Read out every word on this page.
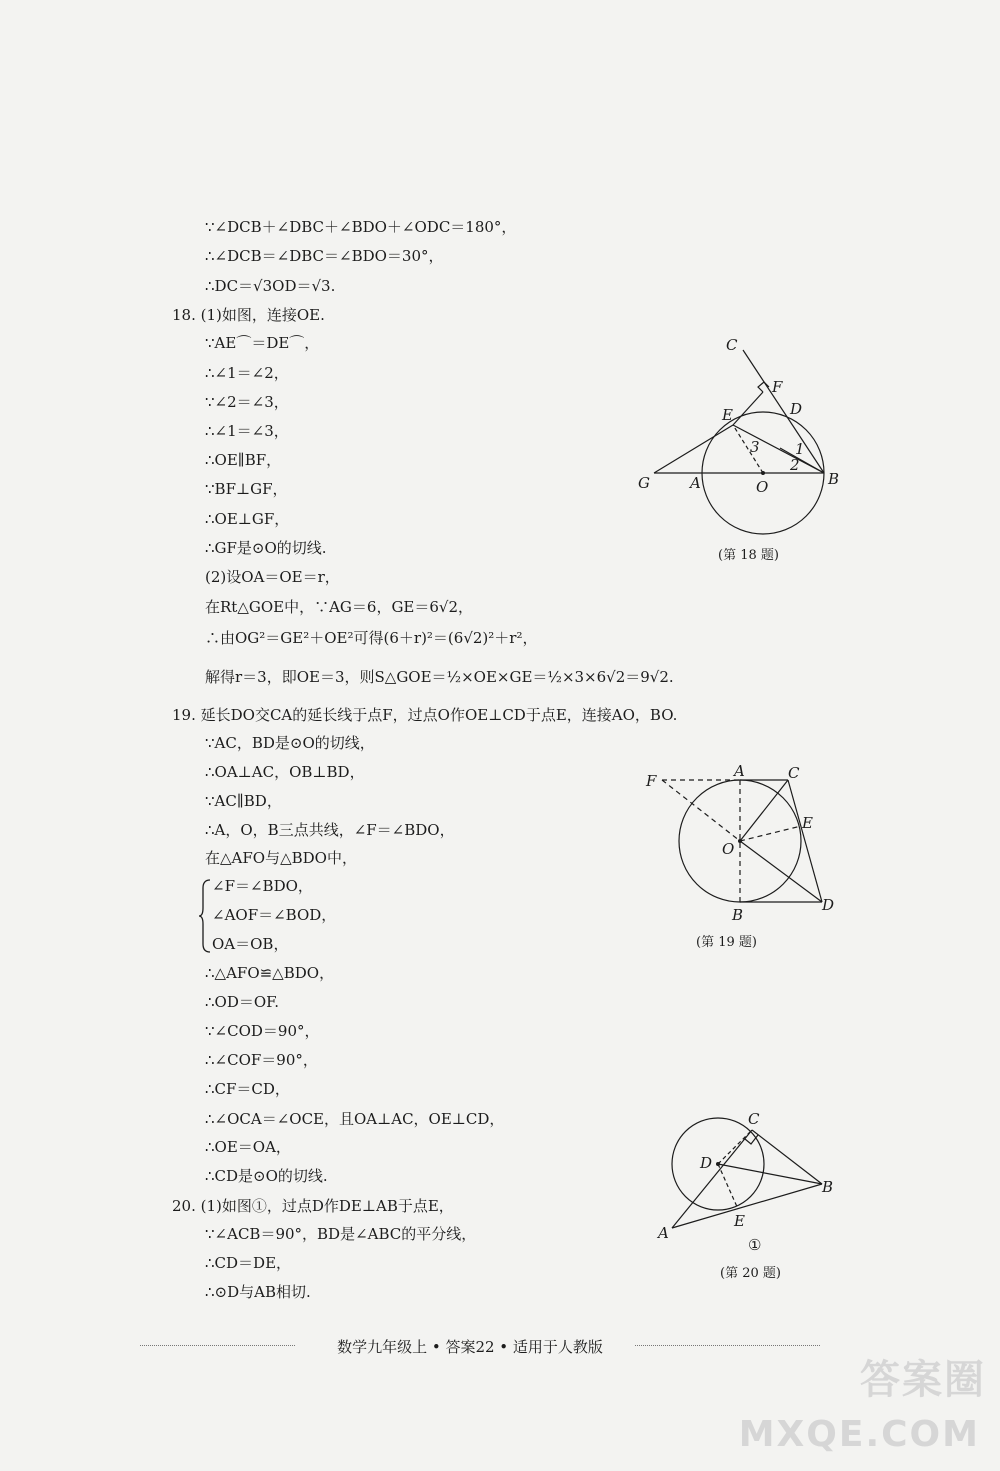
∵∠DCB＋∠DBC＋∠BDO＋∠ODC＝180°，
∴∠DCB＝∠DBC＝∠BDO＝30°，
∴DC＝√3OD＝√3.
18. (1)如图，连接OE.
∵AE⌒＝DE⌒，
∴∠1＝∠2，
∵∠2＝∠3，
∴∠1＝∠3，
∴OE∥BF，
∵BF⊥GF，
∴OE⊥GF，
∴GF是⊙O的切线.
(2)设OA＝OE＝r，
在Rt△GOE中，∵AG＝6，GE＝6√2，
∴由OG²＝GE²＋OE²可得(6＋r)²＝(6√2)²＋r²，
解得r＝3，即OE＝3，则S△GOE＝½×OE×GE＝½×3×6√2＝9√2.
19. 延长DO交CA的延长线于点F，过点O作OE⊥CD于点E，连接AO，BO.
∵AC，BD是⊙O的切线，
∴OA⊥AC，OB⊥BD，
∵AC∥BD，
∴A，O，B三点共线，∠F＝∠BDO，
在△AFO与△BDO中，
∠F＝∠BDO，
∠AOF＝∠BOD，
OA＝OB，
∴△AFO≌△BDO，
∴OD＝OF.
∵∠COD＝90°，
∴∠COF＝90°，
∴CF＝CD，
∴∠OCA＝∠OCE，且OA⊥AC，OE⊥CD，
∴OE＝OA，
∴CD是⊙O的切线.
20. (1)如图①，过点D作DE⊥AB于点E，
∵∠ACB＝90°，BD是∠ABC的平分线，
∴CD＝DE，
∴⊙D与AB相切.
C
F
D
E
3 1
2
G	A	O	B
(第 18 题)
F
A	C
E
O
B
D
(第 19 题)
C
D
B
A
E
①
(第 20 题)
数学九年级上 • 答案22 • 适用于人教版
答案圈
MXQE.COM
